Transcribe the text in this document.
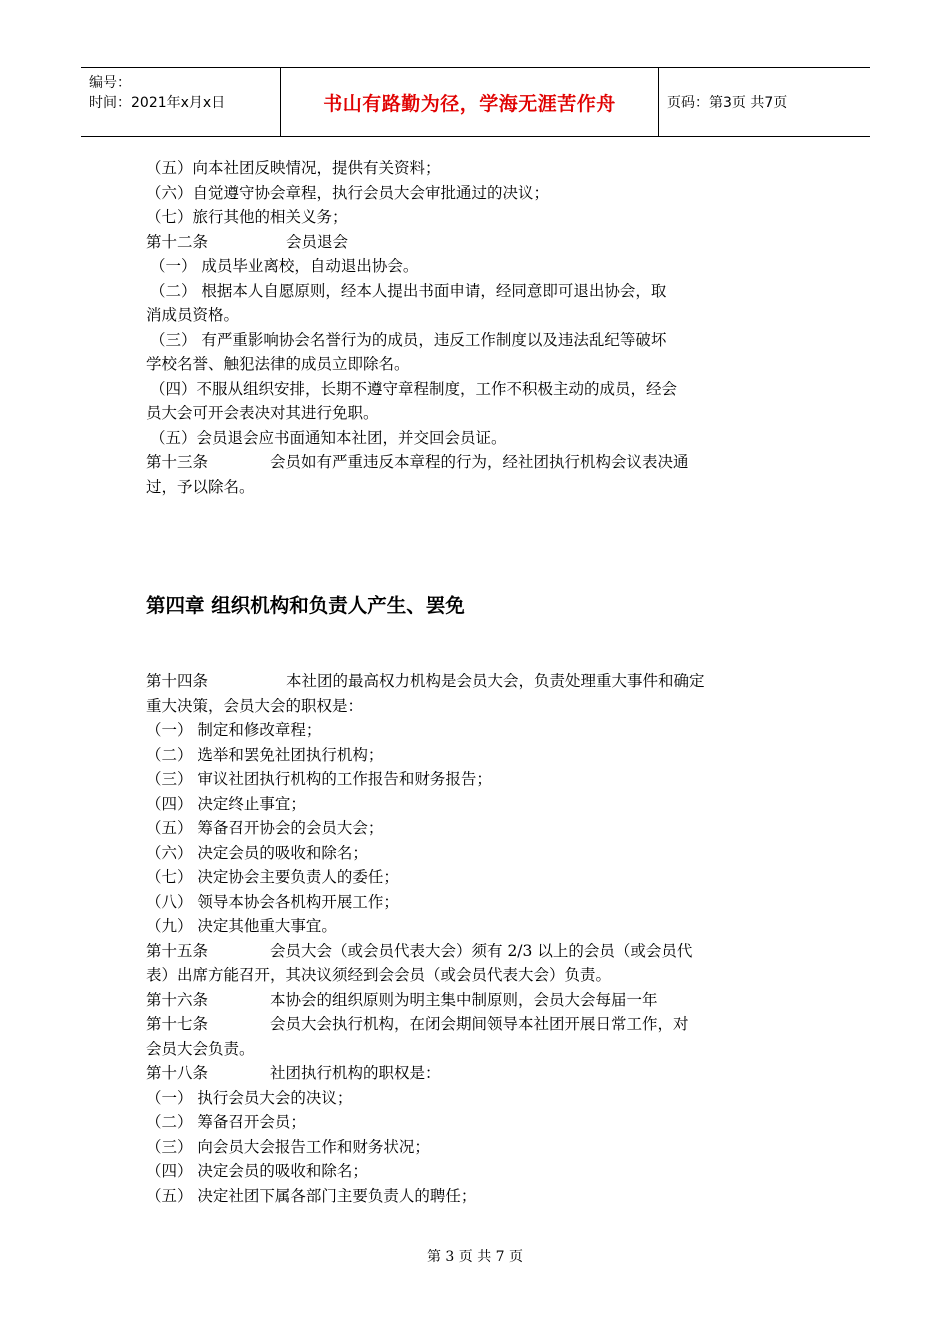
编号：
时间：2021年x月x日	书山有路勤为径，学海无涯苦作舟	页码：第3页 共7页
（五）向本社团反映情况，提供有关资料；
（六）自觉遵守协会章程，执行会员大会审批通过的决议；
（七）旅行其他的相关义务；
第十二条	会员退会
（一） 成员毕业离校，自动退出协会。
（二） 根据本人自愿原则，经本人提出书面申请，经同意即可退出协会，取
消成员资格。
（三） 有严重影响协会名誉行为的成员，违反工作制度以及违法乱纪等破坏
学校名誉、触犯法律的成员立即除名。
（四）不服从组织安排，长期不遵守章程制度，工作不积极主动的成员，经会
员大会可开会表决对其进行免职。
（五）会员退会应书面通知本社团，并交回会员证。
第十三条	会员如有严重违反本章程的行为，经社团执行机构会议表决通
过，予以除名。
第四章 组织机构和负责人产生、罢免
第十四条	本社团的最高权力机构是会员大会，负责处理重大事件和确定
重大决策，会员大会的职权是：
（一） 制定和修改章程；
（二） 选举和罢免社团执行机构；
（三） 审议社团执行机构的工作报告和财务报告；
（四） 决定终止事宜；
（五） 筹备召开协会的会员大会；
（六） 决定会员的吸收和除名；
（七） 决定协会主要负责人的委任；
（八） 领导本协会各机构开展工作；
（九） 决定其他重大事宜。
第十五条	会员大会（或会员代表大会）须有 2/3 以上的会员（或会员代
表）出席方能召开，其决议须经到会会员（或会员代表大会）负责。
第十六条	本协会的组织原则为明主集中制原则，会员大会每届一年
第十七条	会员大会执行机构，在闭会期间领导本社团开展日常工作，对
会员大会负责。
第十八条	社团执行机构的职权是：
（一） 执行会员大会的决议；
（二） 筹备召开会员；
（三） 向会员大会报告工作和财务状况；
（四） 决定会员的吸收和除名；
（五） 决定社团下属各部门主要负责人的聘任；
第 3 页 共 7 页
